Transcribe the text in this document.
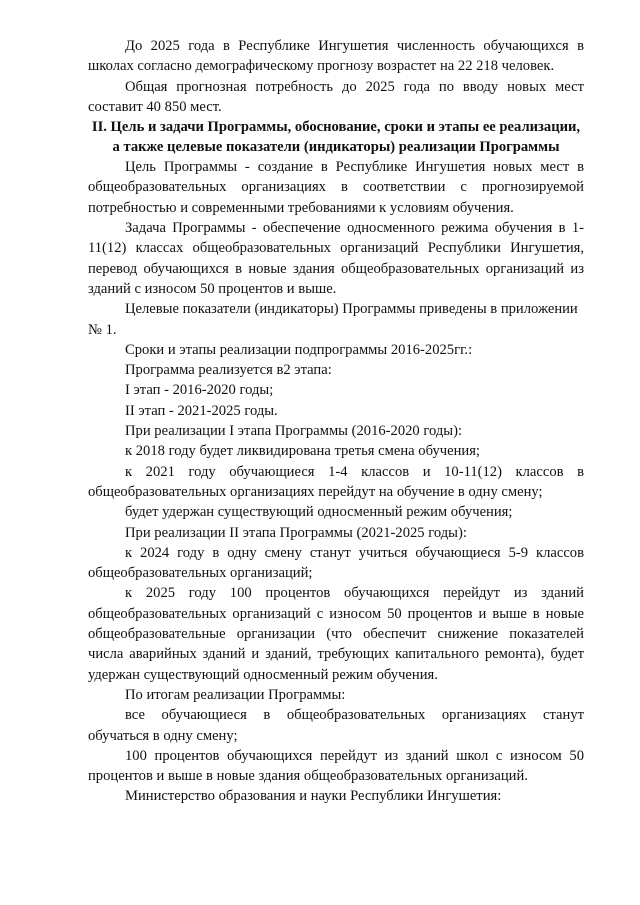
До 2025 года в Республике Ингушетия численность обучающихся в школах согласно демографическому прогнозу возрастет на 22 218 человек.

Общая прогнозная потребность до 2025 года по вводу новых мест составит 40 850 мест.

II. Цель и задачи Программы, обоснование, сроки и этапы ее реализации, а также целевые показатели (индикаторы) реализации Программы

Цель Программы - создание в Республике Ингушетия новых мест в общеобразовательных организациях в соответствии с прогнозируемой потребностью и современными требованиями к условиям обучения.

Задача Программы - обеспечение односменного режима обучения в 1-11(12) классах общеобразовательных организаций Республики Ингушетия, перевод обучающихся в новые здания общеобразовательных организаций из зданий с износом 50 процентов и выше.

Целевые показатели (индикаторы) Программы приведены в приложении № 1.

Сроки и этапы реализации подпрограммы 2016-2025гг.:

Программа реализуется в2 этапа:

I этап - 2016-2020 годы;

II этап - 2021-2025 годы.

При реализации I этапа Программы (2016-2020 годы):

к 2018 году будет ликвидирована третья смена обучения;

к 2021 году обучающиеся 1-4 классов и 10-11(12) классов в общеобразовательных организациях перейдут на обучение в одну смену;

будет удержан существующий односменный режим обучения;

При реализации II этапа Программы (2021-2025 годы):

к 2024 году в одну смену станут учиться обучающиеся 5-9 классов общеобразовательных организаций;

к 2025 году 100 процентов обучающихся перейдут из зданий общеобразовательных организаций с износом 50 процентов и выше в новые общеобразовательные организации (что обеспечит снижение показателей числа аварийных зданий и зданий, требующих капитального ремонта), будет удержан существующий односменный режим обучения.

По итогам реализации Программы:

все обучающиеся в общеобразовательных организациях станут обучаться в одну смену;

100 процентов обучающихся перейдут из зданий школ с износом 50 процентов и выше в новые здания общеобразовательных организаций.

Министерство образования и науки Республики Ингушетия:
